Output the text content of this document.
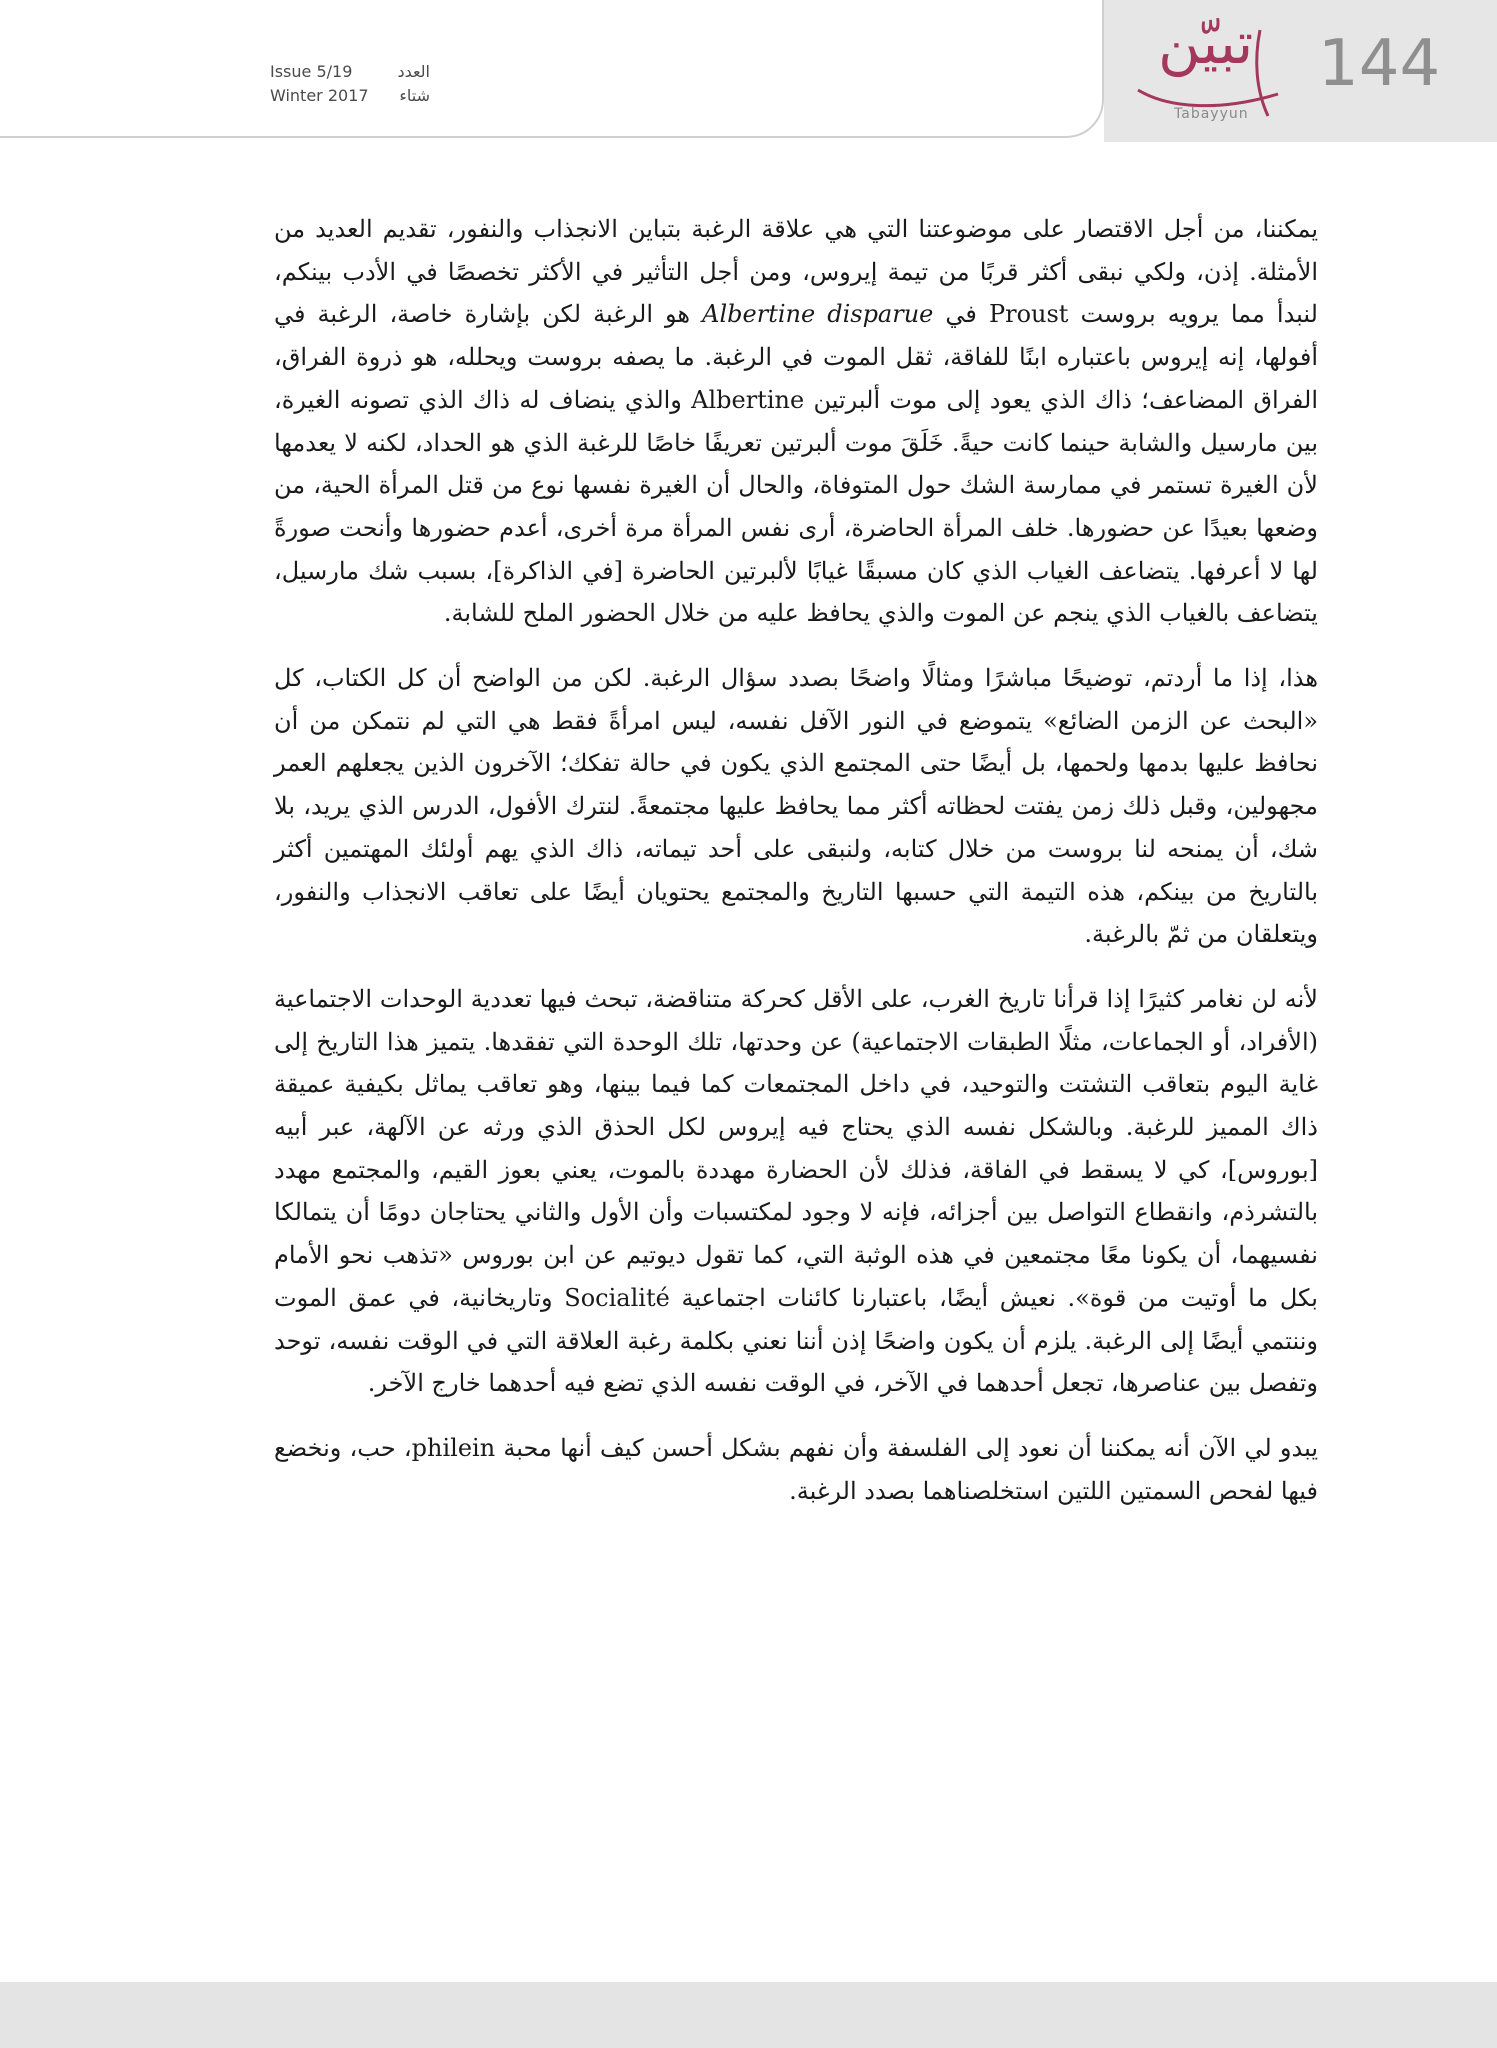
Issue 5/19	العدد
Winter 2017 شتاء
تبيّن
Tabayyun
144

يمكننا، من أجل الاقتصار على موضوعتنا التي هي علاقة الرغبة بتباين الانجذاب والنفور، تقديم العديد من الأمثلة. إذن، ولكي نبقى أكثر قربًا من تيمة إيروس، ومن أجل التأثير في الأكثر تخصصًا في الأدب بينكم، لنبدأ مما يرويه بروست Proust في Albertine disparue هو الرغبة لكن بإشارة خاصة، الرغبة في أفولها، إنه إيروس باعتباره ابنًا للفاقة، ثقل الموت في الرغبة. ما يصفه بروست ويحلله، هو ذروة الفراق، الفراق المضاعف؛ ذاك الذي يعود إلى موت ألبرتين Albertine والذي ينضاف له ذاك الذي تصونه الغيرة، بين مارسيل والشابة حينما كانت حيةً. خَلَقَ موت ألبرتين تعريفًا خاصًا للرغبة الذي هو الحداد، لكنه لا يعدمها لأن الغيرة تستمر في ممارسة الشك حول المتوفاة، والحال أن الغيرة نفسها نوع من قتل المرأة الحية، من وضعها بعيدًا عن حضورها. خلف المرأة الحاضرة، أرى نفس المرأة مرة أخرى، أعدم حضورها وأنحت صورةً لها لا أعرفها. يتضاعف الغياب الذي كان مسبقًا غيابًا لألبرتين الحاضرة [في الذاكرة]، بسبب شك مارسيل، يتضاعف بالغياب الذي ينجم عن الموت والذي يحافظ عليه من خلال الحضور الملح للشابة.

هذا، إذا ما أردتم، توضيحًا مباشرًا ومثالًا واضحًا بصدد سؤال الرغبة. لكن من الواضح أن كل الكتاب، كل «البحث عن الزمن الضائع» يتموضع في النور الآفل نفسه، ليس امرأةً فقط هي التي لم نتمكن من أن نحافظ عليها بدمها ولحمها، بل أيضًا حتى المجتمع الذي يكون في حالة تفكك؛ الآخرون الذين يجعلهم العمر مجهولين، وقبل ذلك زمن يفتت لحظاته أكثر مما يحافظ عليها مجتمعةً. لنترك الأفول، الدرس الذي يريد، بلا شك، أن يمنحه لنا بروست من خلال كتابه، ولنبقى على أحد تيماته، ذاك الذي يهم أولئك المهتمين أكثر بالتاريخ من بينكم، هذه التيمة التي حسبها التاريخ والمجتمع يحتويان أيضًا على تعاقب الانجذاب والنفور، ويتعلقان من ثمّ بالرغبة.

لأنه لن نغامر كثيرًا إذا قرأنا تاريخ الغرب، على الأقل كحركة متناقضة، تبحث فيها تعددية الوحدات الاجتماعية (الأفراد، أو الجماعات، مثلًا الطبقات الاجتماعية) عن وحدتها، تلك الوحدة التي تفقدها. يتميز هذا التاريخ إلى غاية اليوم بتعاقب التشتت والتوحيد، في داخل المجتمعات كما فيما بينها، وهو تعاقب يماثل بكيفية عميقة ذاك المميز للرغبة. وبالشكل نفسه الذي يحتاج فيه إيروس لكل الحذق الذي ورثه عن الآلهة، عبر أبيه [بوروس]، كي لا يسقط في الفاقة، فذلك لأن الحضارة مهددة بالموت، يعني بعوز القيم، والمجتمع مهدد بالتشرذم، وانقطاع التواصل بين أجزائه، فإنه لا وجود لمكتسبات وأن الأول والثاني يحتاجان دومًا أن يتمالكا نفسيهما، أن يكونا معًا مجتمعين في هذه الوثبة التي، كما تقول ديوتيم عن ابن بوروس «تذهب نحو الأمام بكل ما أوتيت من قوة». نعيش أيضًا، باعتبارنا كائنات اجتماعية Socialité وتاريخانية، في عمق الموت وننتمي أيضًا إلى الرغبة. يلزم أن يكون واضحًا إذن أننا نعني بكلمة رغبة العلاقة التي في الوقت نفسه، توحد وتفصل بين عناصرها، تجعل أحدهما في الآخر، في الوقت نفسه الذي تضع فيه أحدهما خارج الآخر.

يبدو لي الآن أنه يمكننا أن نعود إلى الفلسفة وأن نفهم بشكل أحسن كيف أنها محبة philein، حب، ونخضع فيها لفحص السمتين اللتين استخلصناهما بصدد الرغبة.
